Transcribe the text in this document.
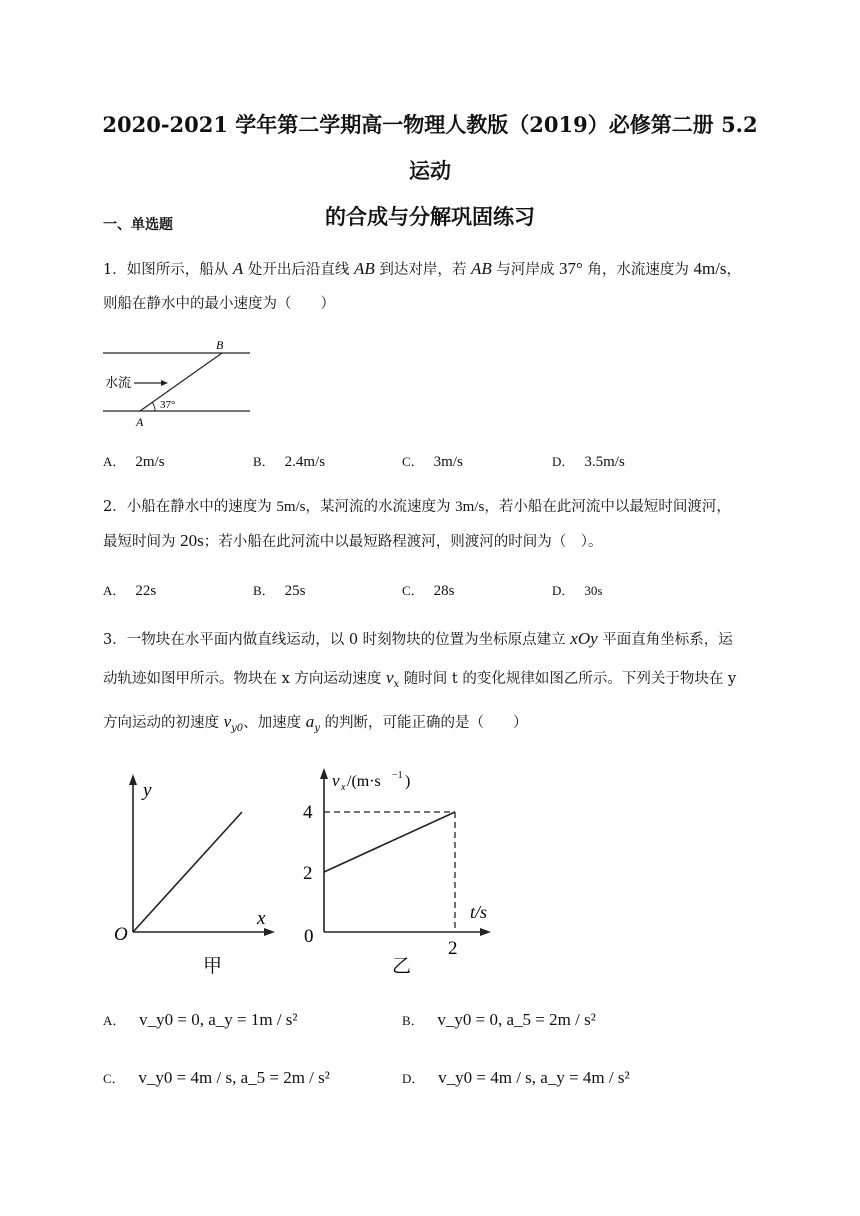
2020-2021 学年第二学期高一物理人教版（2019）必修第二册 5.2 运动
的合成与分解巩固练习
一、单选题
1．如图所示，船从 A 处开出后沿直线 AB 到达对岸，若 AB 与河岸成 37° 角，水流速度为 4m/s，
则船在静水中的最小速度为（　　）
B
A
水流
37°
A． 2m/s	B． 2.4m/s	C． 3m/s	D． 3.5m/s
2．小船在静水中的速度为 5m/s，某河流的水流速度为 3m/s，若小船在此河流中以最短时间渡河，
最短时间为 20s；若小船在此河流中以最短路程渡河，则渡河的时间为（　）。
A． 22s	B． 25s	C． 28s	D． 30s
3．一物块在水平面内做直线运动，以 0 时刻物块的位置为坐标原点建立 xOy 平面直角坐标系，运
动轨迹如图甲所示。物块在 x 方向运动速度 $v_x$ 随时间 t 的变化规律如图乙所示。下列关于物块在 y
方向运动的初速度 $v_{y0}$、加速度 $a_y$ 的判断，可能正确的是（　　）
y
x
O
甲
v x /(m·s −1 )
4
2
t/s
0
2
乙
A． v_y0 = 0, a_y = 1m / s²	B． v_y0 = 0, a_5 = 2m / s²
C． v_y0 = 4m / s, a_5 = 2m / s²	D． v_y0 = 4m / s, a_y = 4m / s²
